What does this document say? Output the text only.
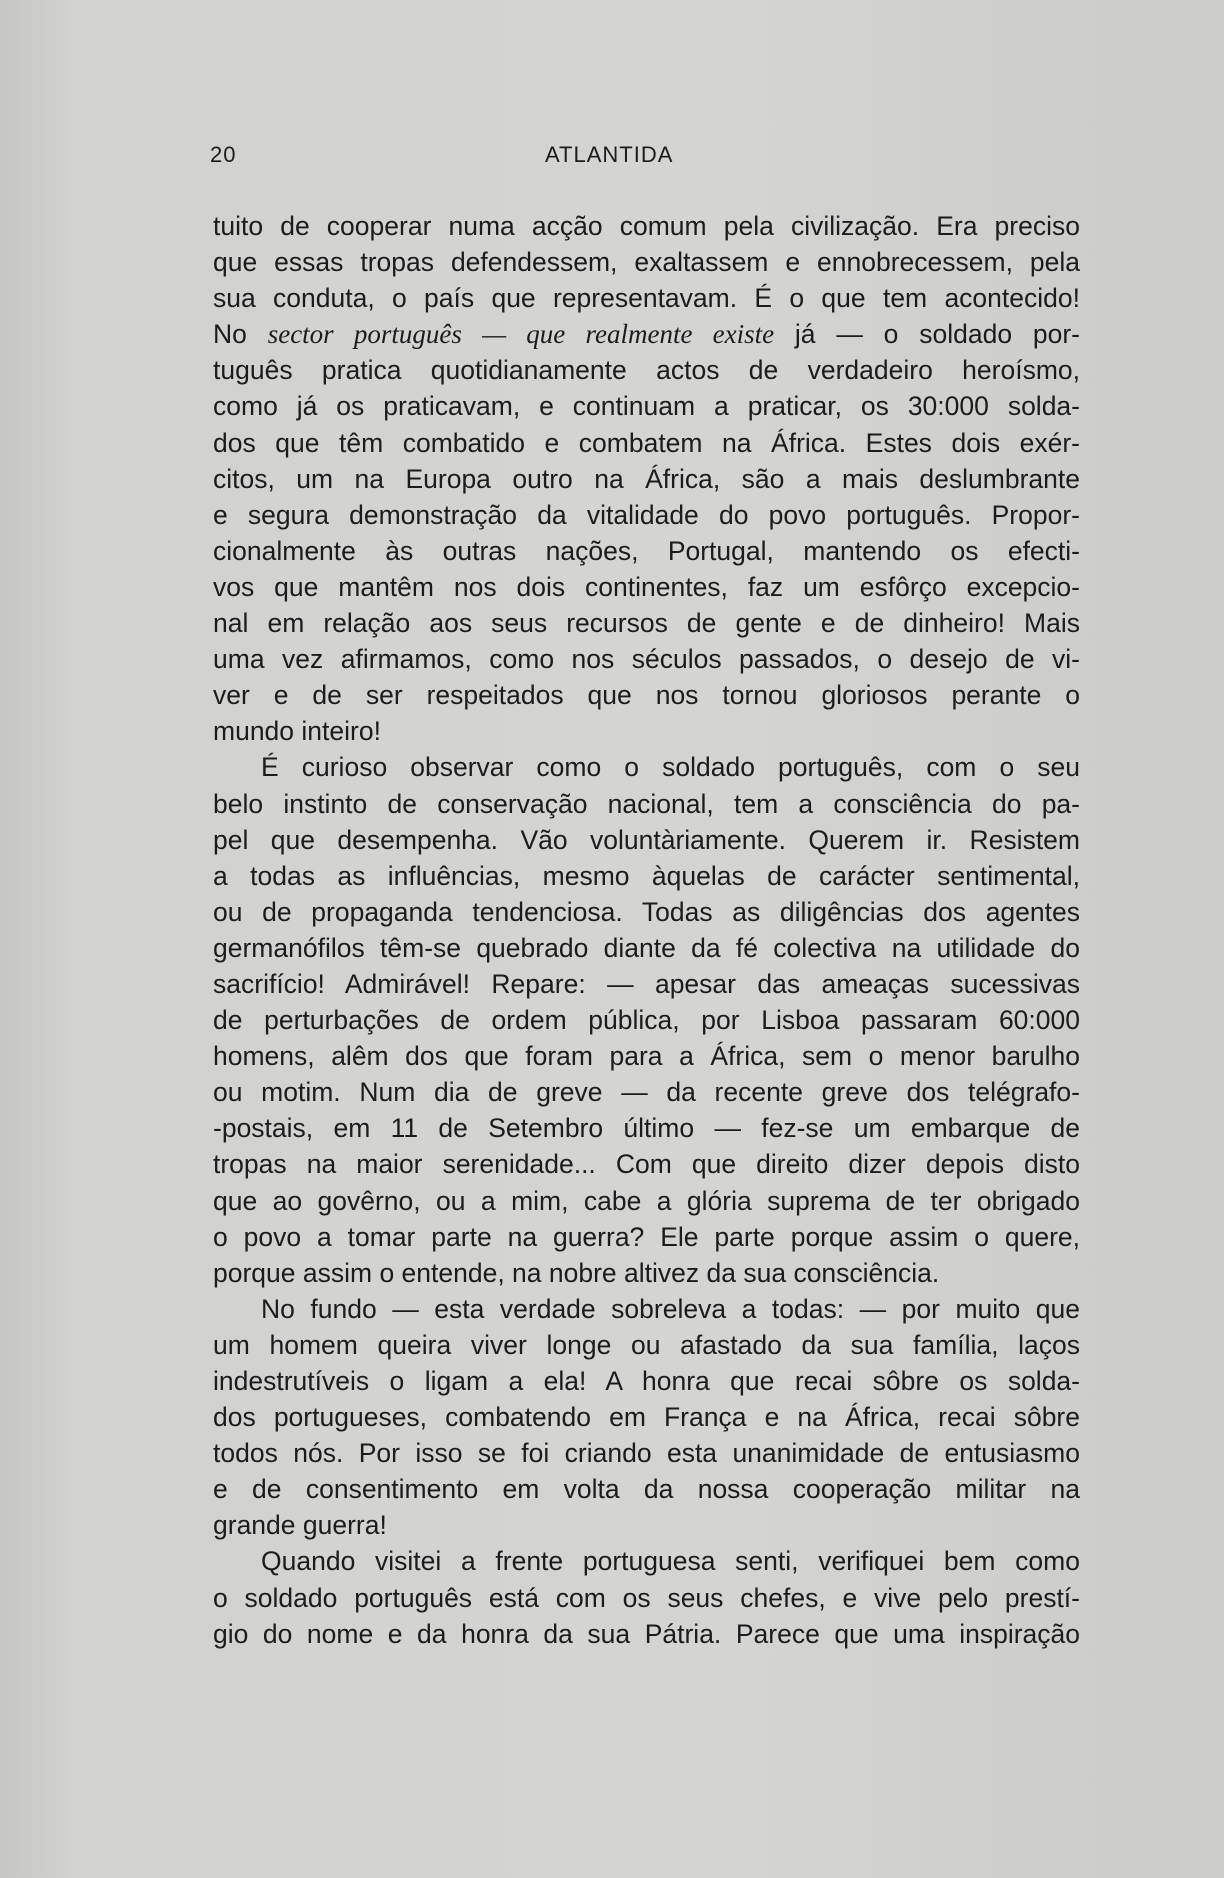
20	ATLANTIDA
tuito de cooperar numa acção comum pela civilização. Era preciso
que essas tropas defendessem, exaltassem e ennobrecessem, pela
sua conduta, o país que representavam. É o que tem acontecido!
No sector português — que realmente existe já — o soldado por-
tuguês pratica quotidianamente actos de verdadeiro heroísmo,
como já os praticavam, e continuam a praticar, os 30:000 solda-
dos que têm combatido e combatem na África. Estes dois exér-
citos, um na Europa outro na África, são a mais deslumbrante
e segura demonstração da vitalidade do povo português. Propor-
cionalmente às outras nações, Portugal, mantendo os efecti-
vos que mantêm nos dois continentes, faz um esfôrço excepcio-
nal em relação aos seus recursos de gente e de dinheiro! Mais
uma vez afirmamos, como nos séculos passados, o desejo de vi-
ver e de ser respeitados que nos tornou gloriosos perante o
mundo inteiro!
É curioso observar como o soldado português, com o seu
belo instinto de conservação nacional, tem a consciência do pa-
pel que desempenha. Vão voluntàriamente. Querem ir. Resistem
a todas as influências, mesmo àquelas de carácter sentimental,
ou de propaganda tendenciosa. Todas as diligências dos agentes
germanófilos têm-se quebrado diante da fé colectiva na utilidade do
sacrifício! Admirável! Repare: — apesar das ameaças sucessivas
de perturbações de ordem pública, por Lisboa passaram 60:000
homens, alêm dos que foram para a África, sem o menor barulho
ou motim. Num dia de greve — da recente greve dos telégrafo-
-postais, em 11 de Setembro último — fez-se um embarque de
tropas na maior serenidade... Com que direito dizer depois disto
que ao govêrno, ou a mim, cabe a glória suprema de ter obrigado
o povo a tomar parte na guerra? Ele parte porque assim o quere,
porque assim o entende, na nobre altivez da sua consciência.
No fundo — esta verdade sobreleva a todas: — por muito que
um homem queira viver longe ou afastado da sua família, laços
indestrutíveis o ligam a ela! A honra que recai sôbre os solda-
dos portugueses, combatendo em França e na África, recai sôbre
todos nós. Por isso se foi criando esta unanimidade de entusiasmo
e de consentimento em volta da nossa cooperação militar na
grande guerra!
Quando visitei a frente portuguesa senti, verifiquei bem como
o soldado português está com os seus chefes, e vive pelo prestí-
gio do nome e da honra da sua Pátria. Parece que uma inspiração
